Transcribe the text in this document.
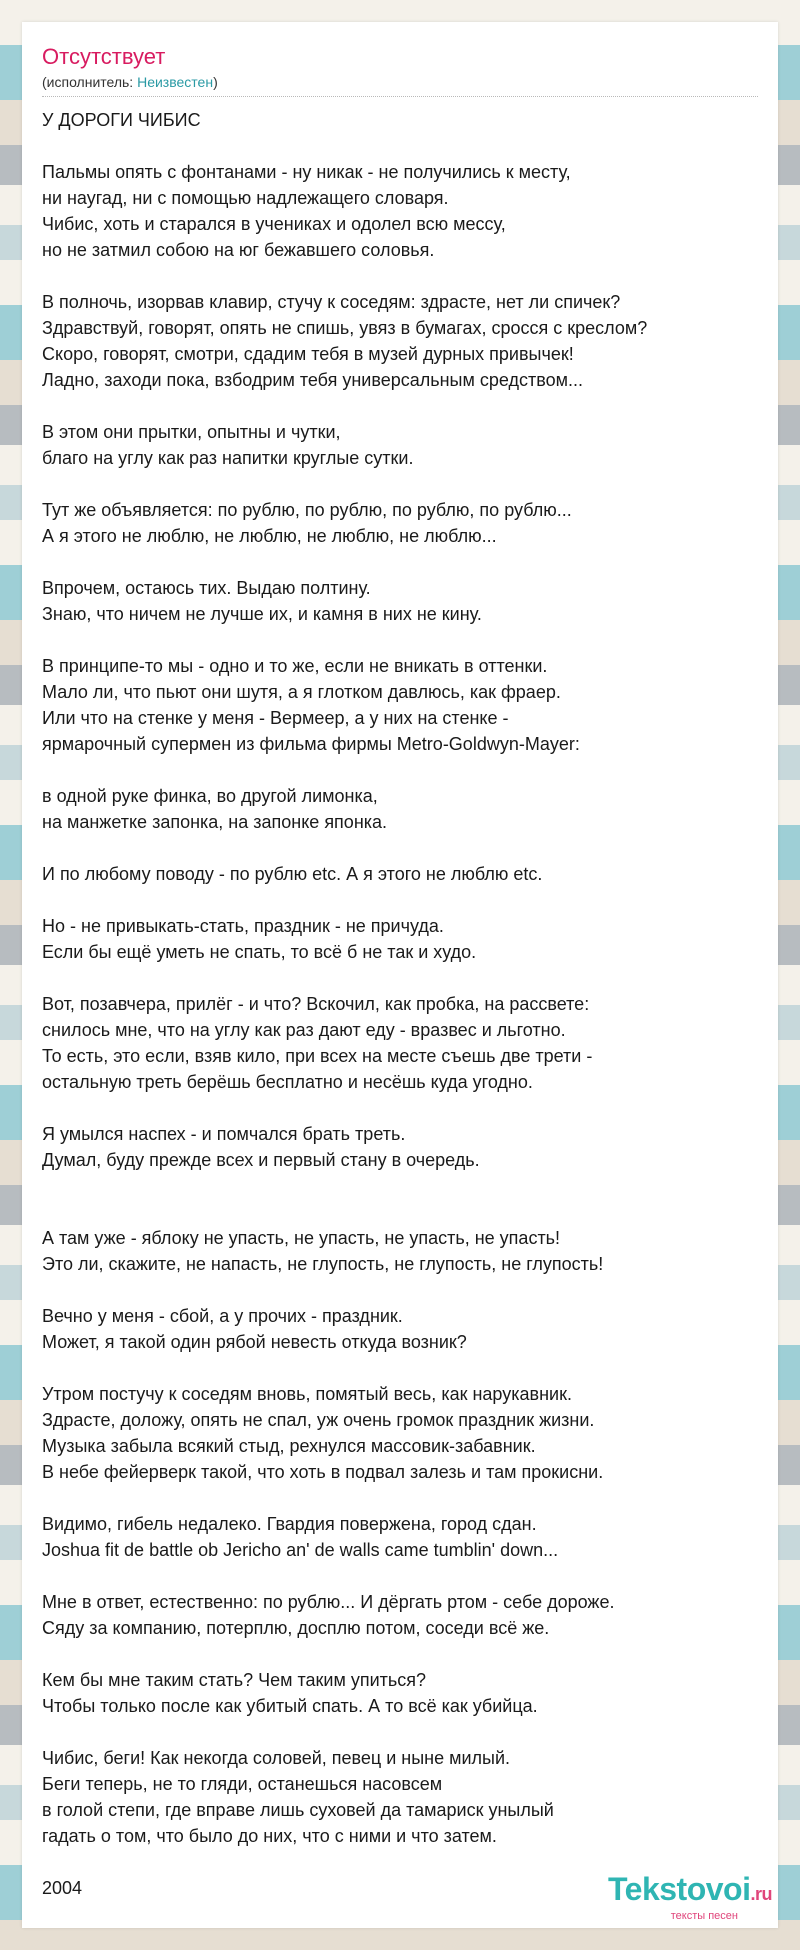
Отсутствует
(исполнитель: Неизвестен)
У ДОРОГИ ЧИБИС
Пальмы опять с фонтанами - ну никак - не получились к месту,
ни наугад, ни с помощью надлежащего словаря.
Чибис, хоть и старался в учениках и одолел всю мессу,
но не затмил собою на юг бежавшего соловья.
В полночь, изорвав клавир, стучу к соседям: здрасте, нет ли спичек?
Здравствуй, говорят, опять не спишь, увяз в бумагах, сросся с креслом?
Скоро, говорят, смотри, сдадим тебя в музей дурных привычек!
Ладно, заходи пока, взбодрим тебя универсальным средством...
В этом они прытки, опытны и чутки,
благо на углу как раз напитки круглые сутки.
Тут же объявляется: по рублю, по рублю, по рублю, по рублю...
А я этого не люблю, не люблю, не люблю, не люблю...
Впрочем, остаюсь тих. Выдаю полтину.
Знаю, что ничем не лучше их, и камня в них не кину.
В принципе-то мы - одно и то же, если не вникать в оттенки.
Мало ли, что пьют они шутя, а я глотком давлюсь, как фраер.
Или что на стенке у меня - Вермеер, а у них на стенке -
ярмарочный супермен из фильма фирмы Metro-Goldwyn-Mayer:
в одной руке финка, во другой лимонка,
на манжетке запонка, на запонке японка.
И по любому поводу - по рублю etc. А я этого не люблю etc.
Но - не привыкать-стать, праздник - не причуда.
Если бы ещё уметь не спать, то всё б не так и худо.
Вот, позавчера, прилёг - и что? Вскочил, как пробка, на рассвете:
снилось мне, что на углу как раз дают еду - вразвес и льготно.
То есть, это если, взяв кило, при всех на месте съешь две трети -
остальную треть берёшь бесплатно и несёшь куда угодно.
Я умылся наспех - и помчался брать треть.
Думал, буду прежде всех и первый стану в очередь.
А там уже - яблоку не упасть, не упасть, не упасть, не упасть!
Это ли, скажите, не напасть, не глупость, не глупость, не глупость!
Вечно у меня - сбой, а у прочих - праздник.
Может, я такой один рябой невесть откуда возник?
Утром постучу к соседям вновь, помятый весь, как нарукавник.
Здрасте, доложу, опять не спал, уж очень громок праздник жизни.
Музыка забыла всякий стыд, рехнулся массовик-забавник.
В небе фейерверк такой, что хоть в подвал залезь и там прокисни.
Видимо, гибель недалеко. Гвардия повержена, город сдан.
Joshua fit de battle ob Jericho an' de walls came tumblin' down...
Мне в ответ, естественно: по рублю... И дёргать ртом - себе дороже.
Сяду за компанию, потерплю, досплю потом, соседи всё же.
Кем бы мне таким стать? Чем таким упиться?
Чтобы только после как убитый спать. А то всё как убийца.
Чибис, беги! Как некогда соловей, певец и ныне милый.
Беги теперь, не то гляди, останешься насовсем
в голой степи, где вправе лишь суховей да тамариск унылый
гадать о том, что было до них, что с ними и что затем.
2004	Tekstovoi.ru
тексты песен
